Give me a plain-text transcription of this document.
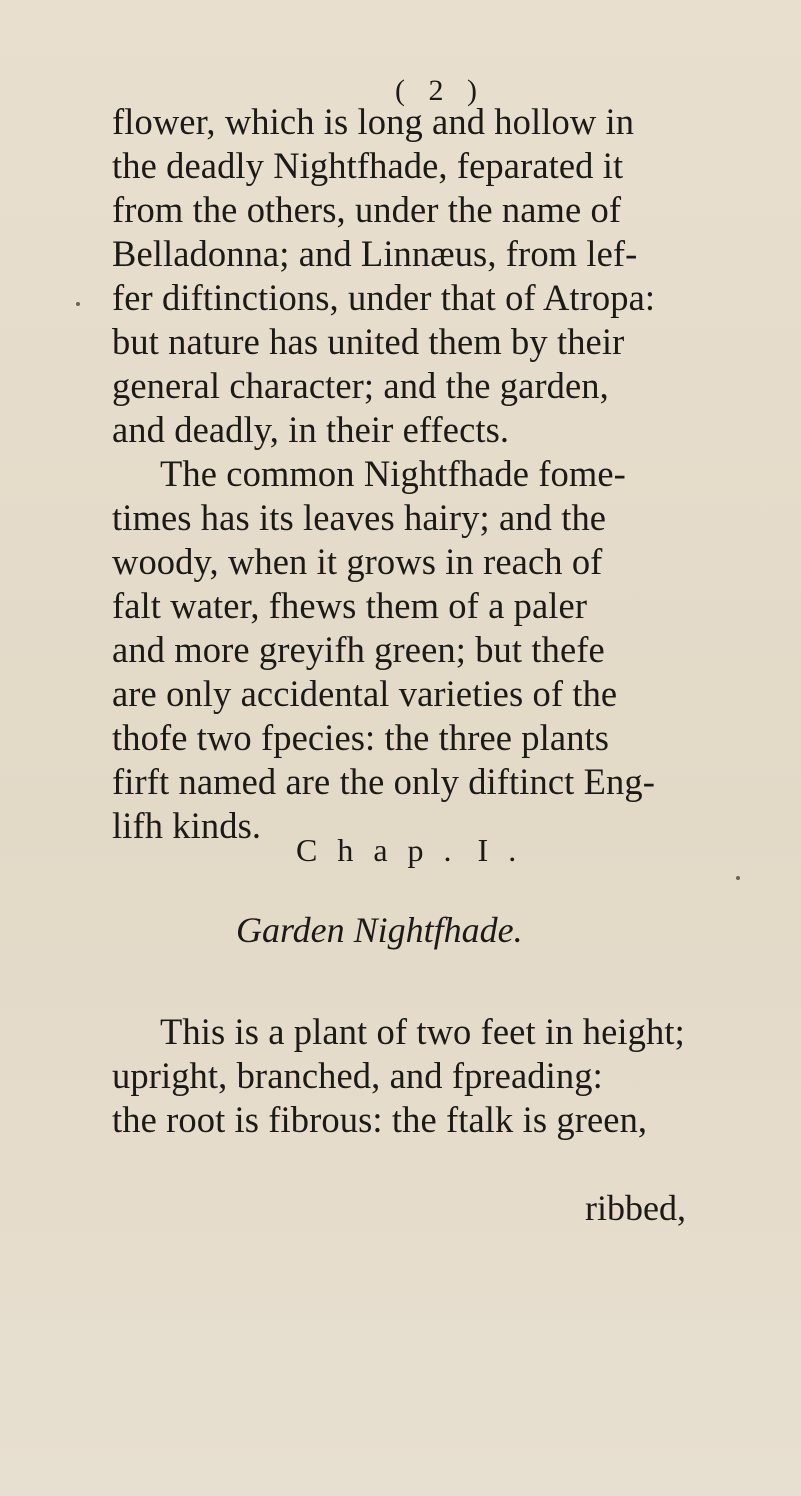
( 2 )
flower, which is long and hollow in
the deadly Nightfhade, feparated it
from the others, under the name of
Belladonna; and Linnæus, from lef-
fer diftinctions, under that of Atropa:
but nature has united them by their
general character; and the garden,
and deadly, in their effects.
The common Nightfhade fome-
times has its leaves hairy; and the
woody, when it grows in reach of
falt water, fhews them of a paler
and more greyifh green; but thefe
are only accidental varieties of the
thofe two fpecies: the three plants
firft named are the only diftinct Eng-
lifh kinds.
Chap. I.
Garden Nightfhade.
This is a plant of two feet in height;
upright, branched, and fpreading:
the root is fibrous: the ftalk is green,
ribbed,
